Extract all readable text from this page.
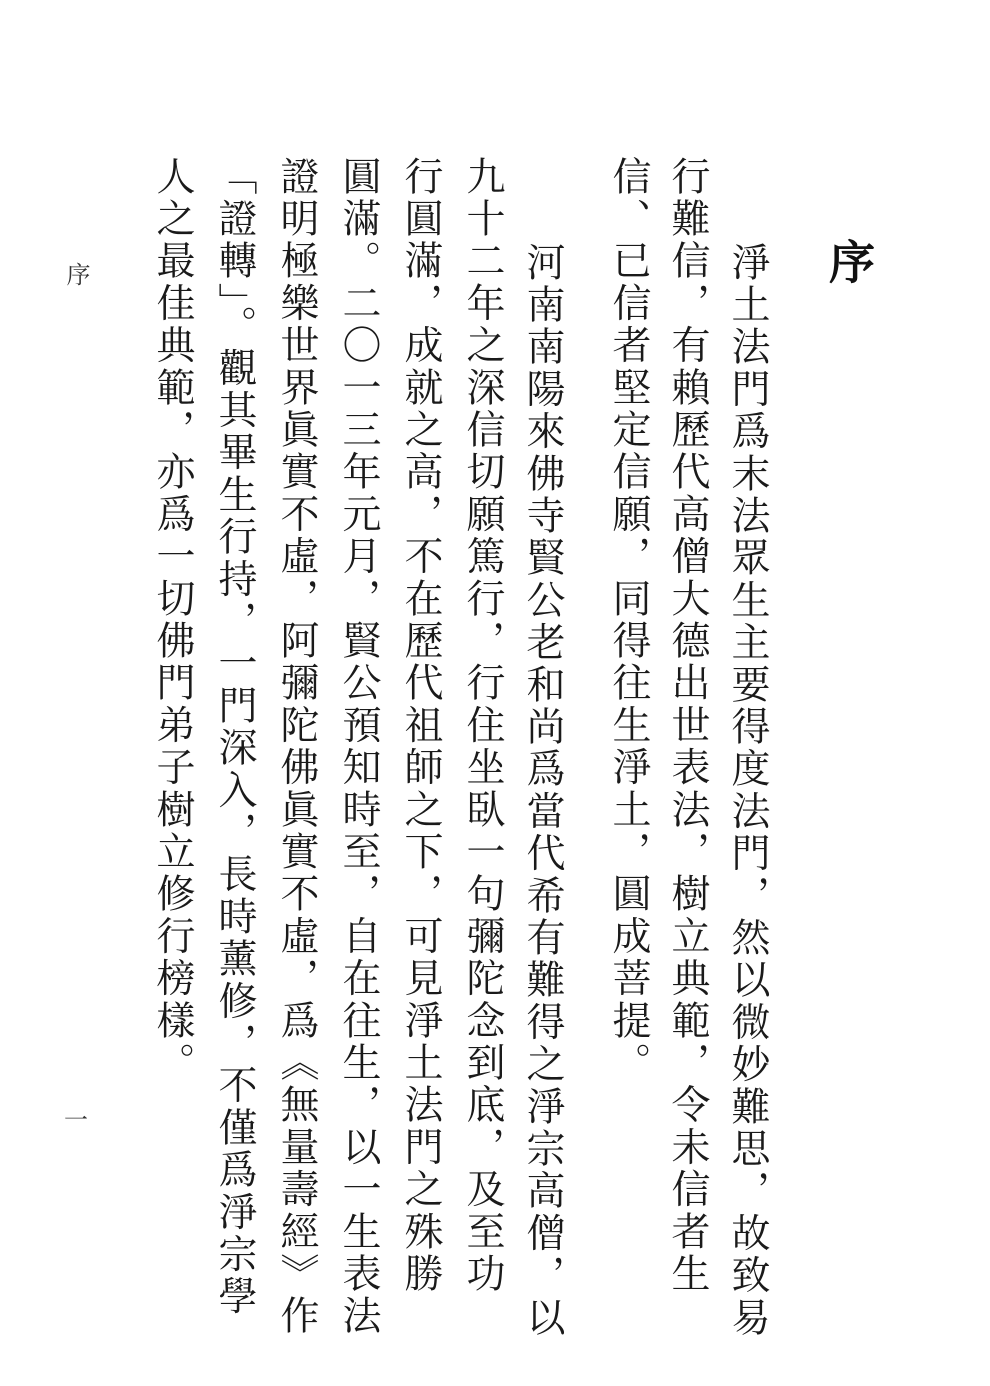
序
淨土法門爲末法眾生主要得度法門，然以微妙難思，故致易
行難信，有賴歷代高僧大德出世表法，樹立典範，令未信者生
信、已信者堅定信願，同得往生淨土，圓成菩提。
河南南陽來佛寺賢公老和尚爲當代希有難得之淨宗高僧，以
九十二年之深信切願篤行，行住坐臥一句彌陀念到底，及至功
行圓滿，成就之高，不在歷代祖師之下，可見淨土法門之殊勝
圓滿。二〇一三年元月，賢公預知時至，自在往生，以一生表法
證明極樂世界眞實不虛，阿彌陀佛眞實不虛，爲《無量壽經》作
「證轉」。觀其畢生行持，一門深入，長時薰修，不僅爲淨宗學
人之最佳典範，亦爲一切佛門弟子樹立修行榜樣。
序
一
